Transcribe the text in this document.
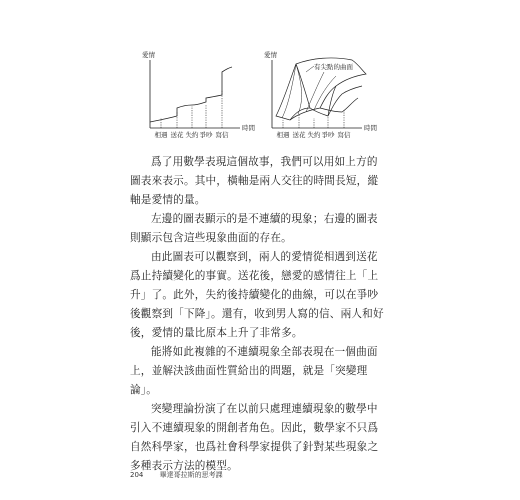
愛情
時間
相遇 送花 失約 爭吵 寫信
愛情
時間
有尖點的曲面
相遇 送花 失約 爭吵 寫信

爲了用數學表現這個故事，我們可以用如上方的圖表來表示。其中，橫軸是兩人交往的時間長短，縱軸是愛情的量。

左邊的圖表顯示的是不連續的現象；右邊的圖表則顯示包含這些現象曲面的存在。

由此圖表可以觀察到，兩人的愛情從相遇到送花爲止持續變化的事實。送花後，戀愛的感情往上「上升」了。此外，失約後持續變化的曲線，可以在爭吵後觀察到「下降」。還有，收到男人寫的信、兩人和好後，愛情的量比原本上升了非常多。

能將如此複雜的不連續現象全部表現在一個曲面上，並解決該曲面性質給出的問題，就是「突變理論」。

突變理論扮演了在以前只處理連續現象的數學中引入不連續現象的開創者角色。因此，數學家不只爲自然科學家，也爲社會科學家提供了針對某些現象之多種表示方法的模型。

204 畢達哥拉斯的思考課
